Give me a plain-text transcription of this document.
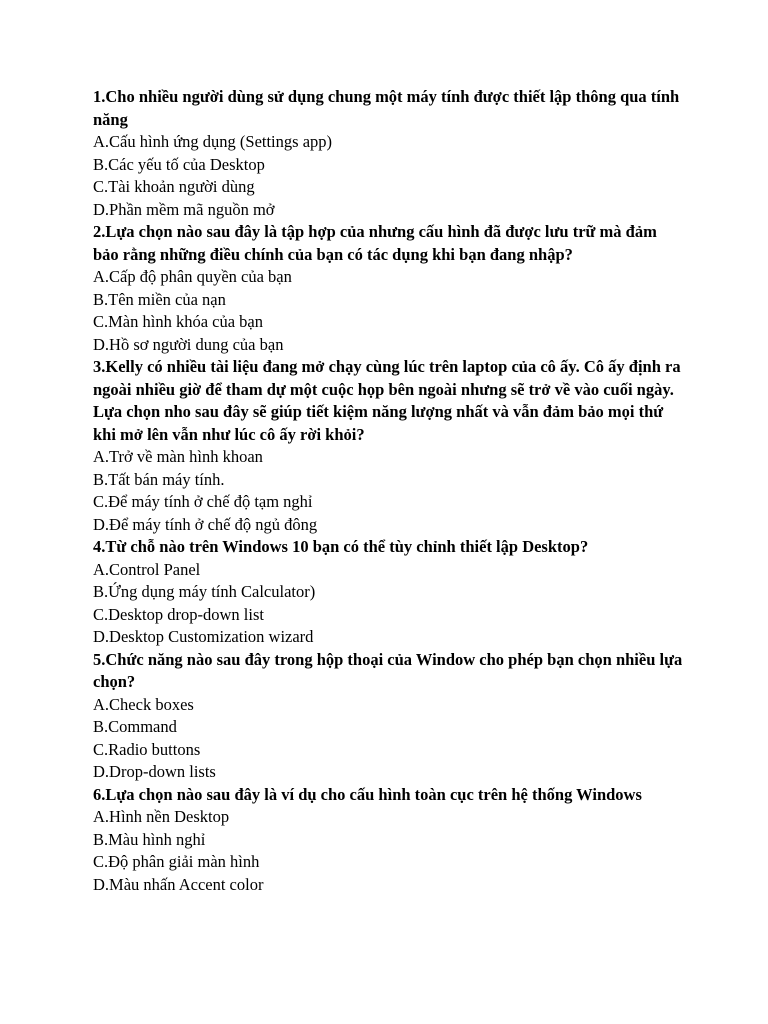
1.Cho nhiều người dùng sử dụng chung một máy tính được thiết lập thông qua tính năng

A.Cấu hình ứng dụng (Settings app)

B.Các yếu tố của Desktop

C.Tài khoản người dùng

D.Phần mềm mã nguồn mở

2.Lựa chọn nào sau đây là tập hợp của nhưng cấu hình đã được lưu trữ mà đảm bảo rằng những điều chính của bạn có tác dụng khi bạn đang nhập?

A.Cấp độ phân quyền của bạn

B.Tên miền của nạn

C.Màn hình khóa của bạn

D.Hồ sơ người dung của bạn

3.Kelly có nhiều tài liệu đang mở chạy cùng lúc trên laptop của cô ấy. Cô ấy định ra ngoài nhiều giờ để tham dự một cuộc họp bên ngoài nhưng sẽ trở về vào cuối ngày. Lựa chọn nho sau đây sẽ giúp tiết kiệm năng lượng nhất và vẫn đảm bảo mọi thứ khi mở lên vẫn như lúc cô ấy rời khỏi?

A.Trở về màn hình khoan

B.Tất bán máy tính.

C.Để máy tính ở chế độ tạm nghỉ

D.Để máy tính ở chế độ ngủ đông

4.Từ chỗ nào trên Windows 10 bạn có thể tùy chỉnh thiết lập Desktop?

A.Control Panel

B.Ứng dụng máy tính Calculator)

C.Desktop drop-down list

D.Desktop Customization wizard

5.Chức năng nào sau đây trong hộp thoại của Window cho phép bạn chọn nhiều lựa chọn?

A.Check boxes

B.Command

C.Radio buttons

D.Drop-down lists

6.Lựa chọn nào sau đây là ví dụ cho cấu hình toàn cục trên hệ thống Windows

A.Hình nền Desktop

B.Màu hình nghỉ

C.Độ phân giải màn hình

D.Màu nhấn Accent color
